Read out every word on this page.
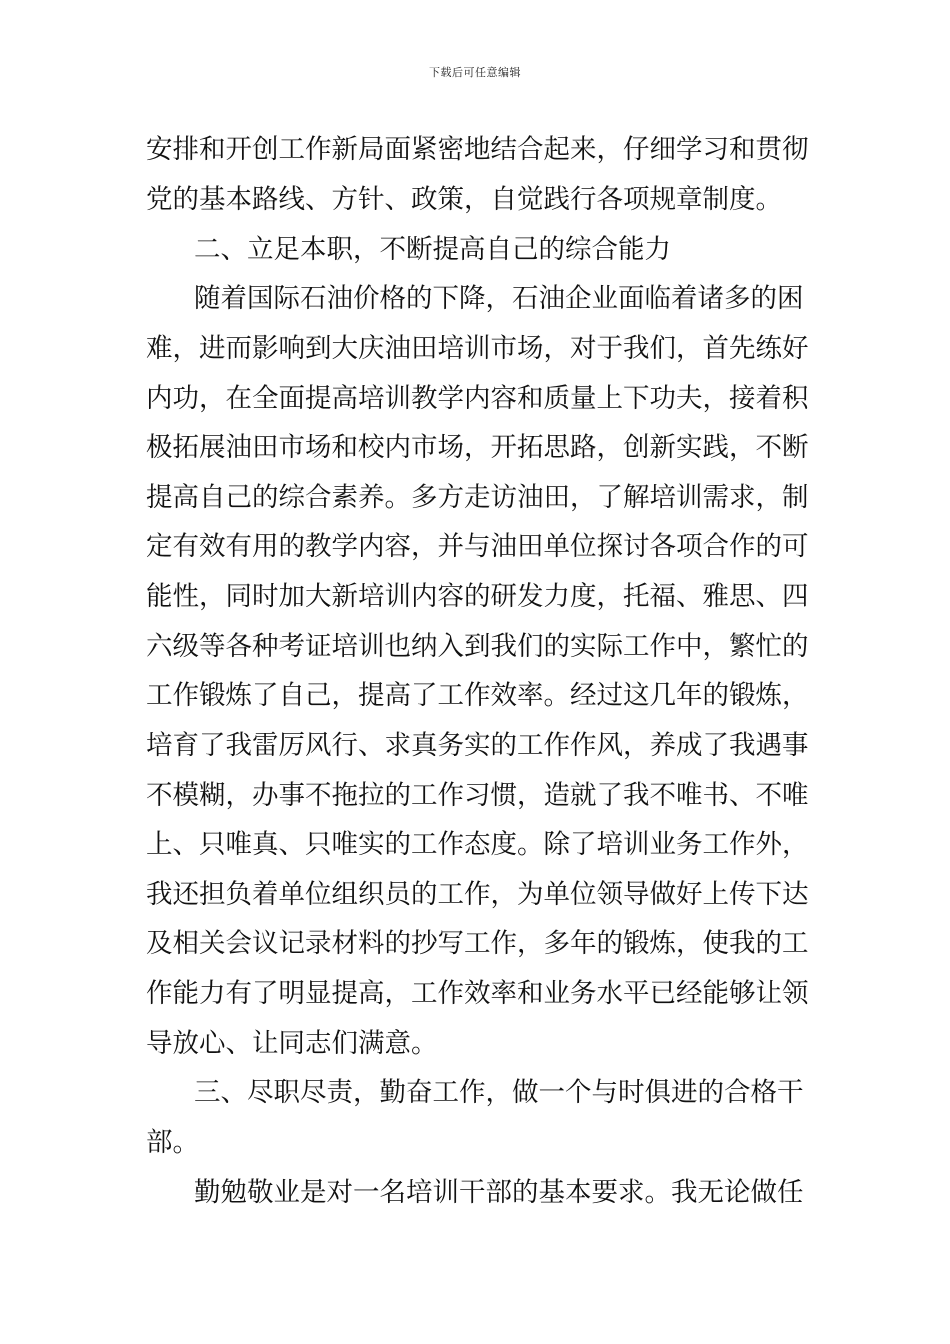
下载后可任意编辑
安排和开创工作新局面紧密地结合起来，仔细学习和贯彻
党的基本路线、方针、政策，自觉践行各项规章制度。
二、立足本职，不断提高自己的综合能力
随着国际石油价格的下降，石油企业面临着诸多的困
难，进而影响到大庆油田培训市场，对于我们，首先练好
内功，在全面提高培训教学内容和质量上下功夫，接着积
极拓展油田市场和校内市场，开拓思路，创新实践，不断
提高自己的综合素养。多方走访油田，了解培训需求，制
定有效有用的教学内容，并与油田单位探讨各项合作的可
能性，同时加大新培训内容的研发力度，托福、雅思、四
六级等各种考证培训也纳入到我们的实际工作中，繁忙的
工作锻炼了自己，提高了工作效率。经过这几年的锻炼，
培育了我雷厉风行、求真务实的工作作风，养成了我遇事
不模糊，办事不拖拉的工作习惯，造就了我不唯书、不唯
上、只唯真、只唯实的工作态度。除了培训业务工作外，
我还担负着单位组织员的工作，为单位领导做好上传下达
及相关会议记录材料的抄写工作，多年的锻炼，使我的工
作能力有了明显提高，工作效率和业务水平已经能够让领
导放心、让同志们满意。
三、尽职尽责，勤奋工作，做一个与时俱进的合格干
部。
勤勉敬业是对一名培训干部的基本要求。我无论做任
